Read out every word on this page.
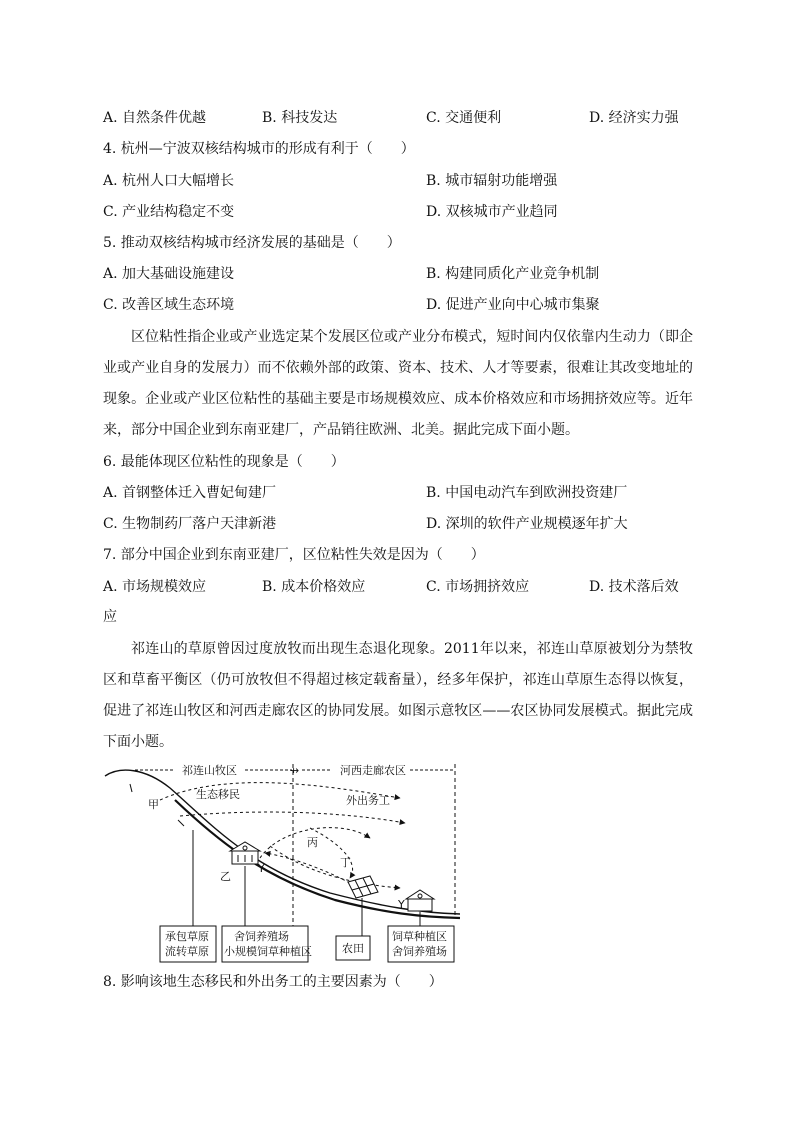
A. 自然条件优越	B. 科技发达	C. 交通便利	D. 经济实力强
4. 杭州—宁波双核结构城市的形成有利于（　　）
A. 杭州人口大幅增长	B. 城市辐射功能增强
C. 产业结构稳定不变	D. 双核城市产业趋同
5. 推动双核结构城市经济发展的基础是（　　）
A. 加大基础设施建设	B. 构建同质化产业竞争机制
C. 改善区域生态环境	D. 促进产业向中心城市集聚
区位粘性指企业或产业选定某个发展区位或产业分布模式，短时间内仅依靠内生动力（即企业或产业自身的发展力）而不依赖外部的政策、资本、技术、人才等要素，很难让其改变地址的现象。企业或产业区位粘性的基础主要是市场规模效应、成本价格效应和市场拥挤效应等。近年来，部分中国企业到东南亚建厂，产品销往欧洲、北美。据此完成下面小题。
6. 最能体现区位粘性的现象是（　　）
A. 首钢整体迁入曹妃甸建厂	B. 中国电动汽车到欧洲投资建厂
C. 生物制药厂落户天津新港	D. 深圳的软件产业规模逐年扩大
7. 部分中国企业到东南亚建厂，区位粘性失效是因为（　　）
A. 市场规模效应	B. 成本价格效应	C. 市场拥挤效应	D. 技术落后效
应
祁连山的草原曾因过度放牧而出现生态退化现象。2011年以来，祁连山草原被划分为禁牧区和草畜平衡区（仍可放牧但不得超过核定载畜量），经多年保护，祁连山草原生态得以恢复，促进了祁连山牧区和河西走廊农区的协同发展。如图示意牧区——农区协同发展模式。据此完成下面小题。
祁连山牧区	⇸	河西走廊农区
甲
生态移民	外出务工
丙
丁
Y
乙
Y
承包草原
流转草原
舍饲养殖场
小规模饲草种植区	农田
饲草种植区
舍饲养殖场
8. 影响该地生态移民和外出务工的主要因素为（　　）
